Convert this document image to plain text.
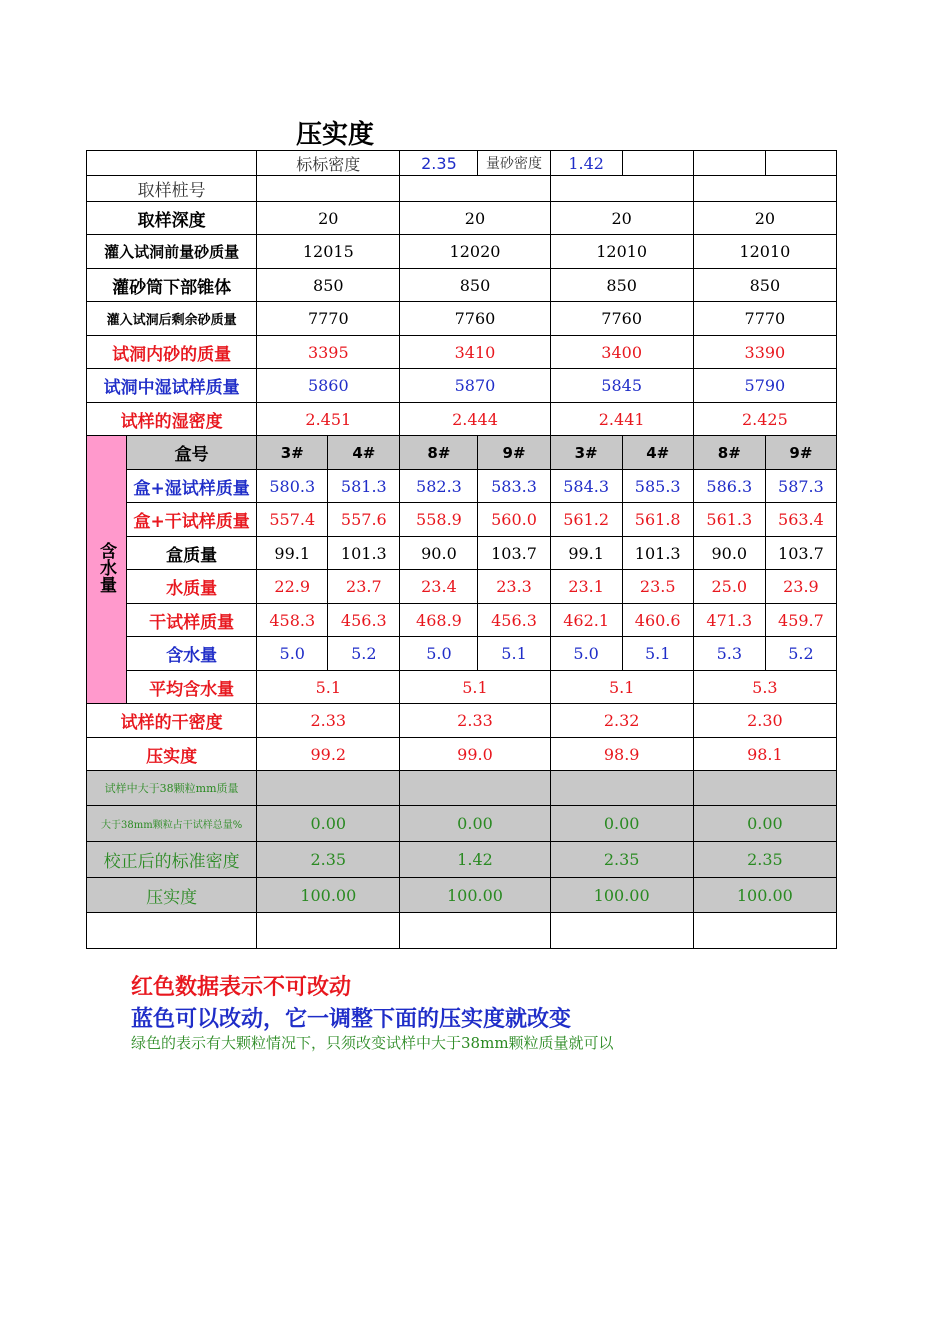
压实度
		标标密度		2.35	量砂密度	1.42			
取样桩号									
取样深度		20		20		20		20	
灌入试洞前量砂质量		12015		12020		12010		12010	
灌砂筒下部锥体		850		850		850		850	
灌入试洞后剩余砂质量		7770		7760		7760		7770	
试洞内砂的质量		3395		3410		3400		3390	
试洞中湿试样质量		5860		5870		5845		5790	
试样的湿密度		2.451		2.444		2.441		2.425	
含水量	盒号	3#	4#	8#	9#	3#	4#	8#	9#
	盒+湿试样质量	580.3	581.3	582.3	583.3	584.3	585.3	586.3	587.3
	盒+干试样质量	557.4	557.6	558.9	560.0	561.2	561.8	561.3	563.4
	盒质量	99.1	101.3	90.0	103.7	99.1	101.3	90.0	103.7
	水质量	22.9	23.7	23.4	23.3	23.1	23.5	25.0	23.9
	干试样质量	458.3	456.3	468.9	456.3	462.1	460.6	471.3	459.7
	含水量	5.0	5.2	5.0	5.1	5.0	5.1	5.3	5.2
	平均含水量	5.1		5.1		5.1		5.3	
试样的干密度		2.33		2.33		2.32		2.30	
压实度		99.2		99.0		98.9		98.1	
试样中大于38颗粒mm质量									
大于38mm颗粒占干试样总量%		0.00		0.00		0.00		0.00	
校正后的标准密度		2.35		1.42		2.35		2.35	
压实度		100.00		100.00		100.00		100.00	

红色数据表示不可改动
蓝色可以改动，它一调整下面的压实度就改变
绿色的表示有大颗粒情况下，只须改变试样中大于38mm颗粒质量就可以
